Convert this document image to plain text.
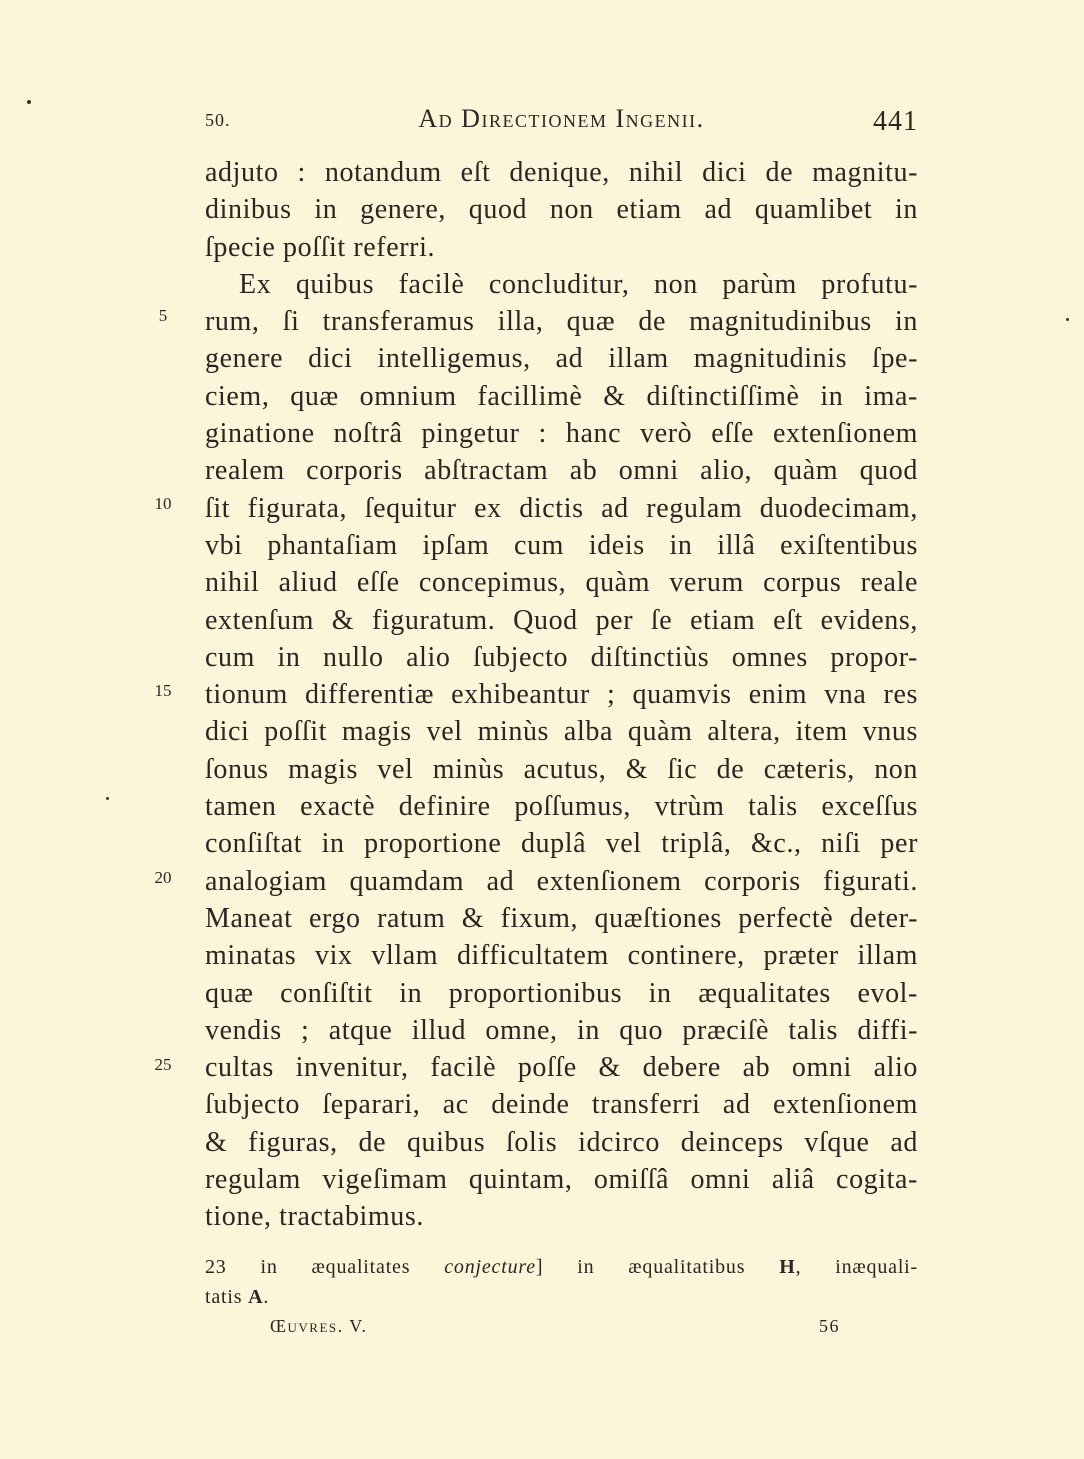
50.	Ad Directionem Ingenii.	441
adjuto : notandum eſt denique, nihil dici de magnitu-
dinibus in genere, quod non etiam ad quamlibet in
ſpecie poſſit referri.
Ex quibus facilè concluditur, non parùm profutu-
rum, ſi transferamus illa, quæ de magnitudinibus in
genere dici intelligemus, ad illam magnitudinis ſpe-
ciem, quæ omnium facillimè & diſtinctiſſimè in ima-
ginatione noſtrâ pingetur : hanc verò eſſe extenſionem
realem corporis abſtractam ab omni alio, quàm quod
ſit figurata, ſequitur ex dictis ad regulam duodecimam,
vbi phantaſiam ipſam cum ideis in illâ exiſtentibus
nihil aliud eſſe concepimus, quàm verum corpus reale
extenſum & figuratum. Quod per ſe etiam eſt evidens,
cum in nullo alio ſubjecto diſtinctiùs omnes propor-
tionum differentiæ exhibeantur ; quamvis enim vna res
dici poſſit magis vel minùs alba quàm altera, item vnus
ſonus magis vel minùs acutus, & ſic de cæteris, non
tamen exactè definire poſſumus, vtrùm talis exceſſus
conſiſtat in proportione duplâ vel triplâ, &c., niſi per
analogiam quamdam ad extenſionem corporis figurati.
Maneat ergo ratum & fixum, quæſtiones perfectè deter-
minatas vix vllam difficultatem continere, præter illam
quæ conſiſtit in proportionibus in æqualitates evol-
vendis ; atque illud omne, in quo præciſè talis diffi-
cultas invenitur, facilè poſſe & debere ab omni alio
ſubjecto ſeparari, ac deinde transferri ad extenſionem
& figuras, de quibus ſolis idcirco deinceps vſque ad
regulam vigeſimam quintam, omiſſâ omni aliâ cogita-
tione, tractabimus.
5
10
15
20
25
23 in æqualitates conjecture] in æqualitatibus H, inæquali-
tatis A.
Œuvres. V.	56
